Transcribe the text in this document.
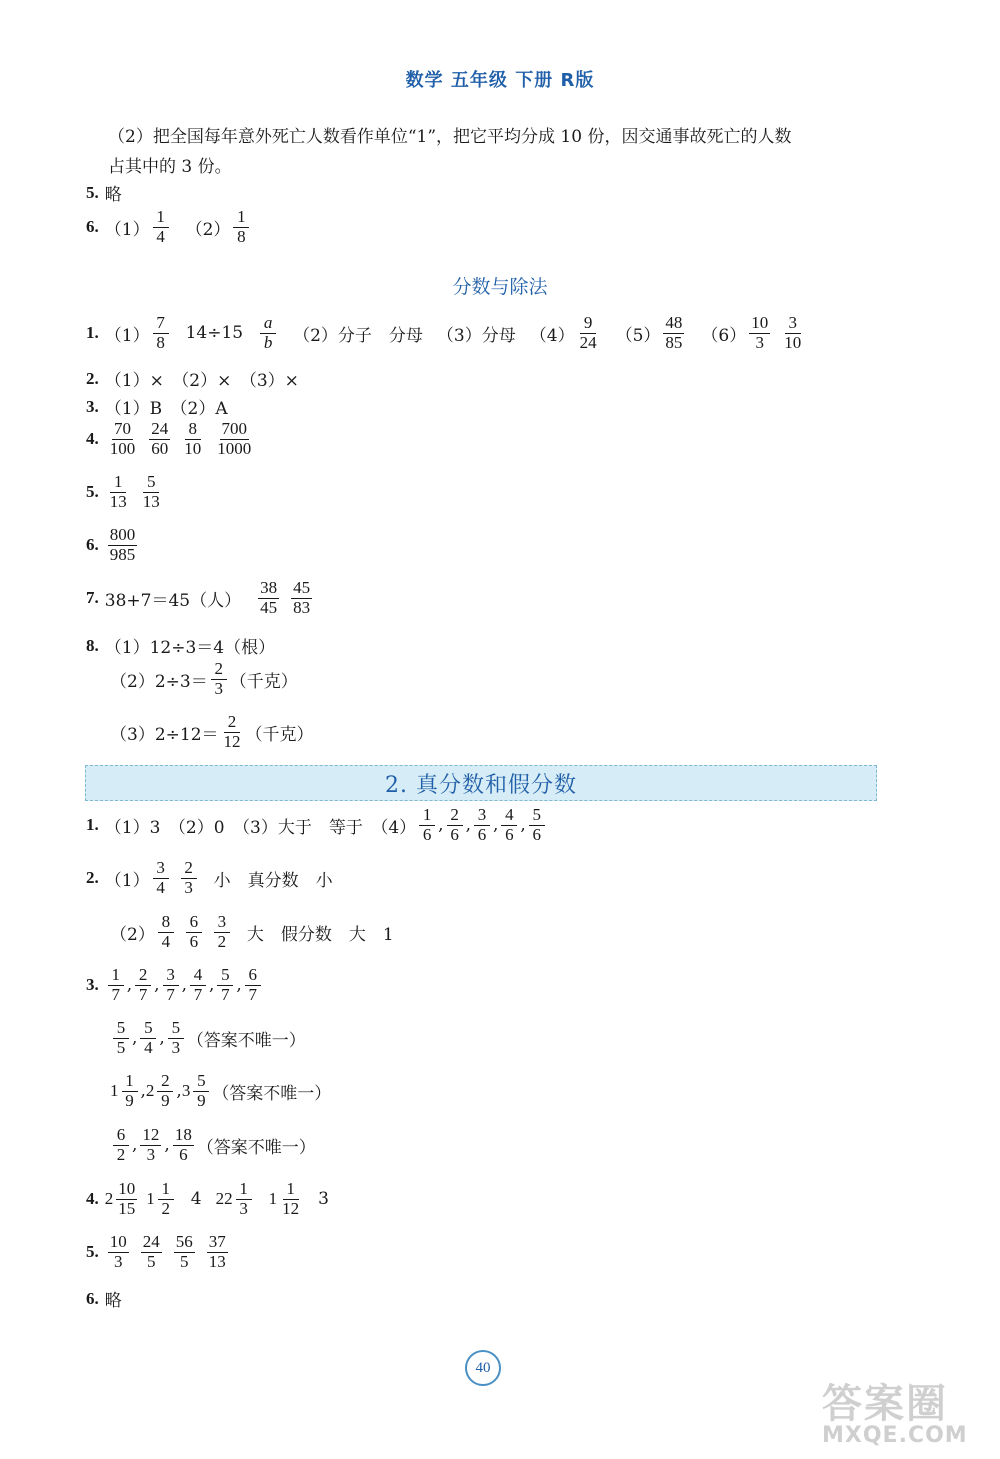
数学 五年级 下册 R版
（2）把全国每年意外死亡人数看作单位“1”，把它平均分成 10 份，因交通事故死亡的人数
占其中的 3 份。
5. 略
6. $(1) \frac{1}{4} (2) \frac{1}{8}$
分数与除法
1. $(1) \frac{7}{8} 14\div 15 \frac{a}{b} (2)$分子　分母 （3）分母 $(4) \frac{9}{24} (5) \frac{48}{85} (6) \frac{10}{3} \frac{3}{10}$
2. （1）×　（2）×　（3）×
3. （1）B　（2）A
4. $\frac{70}{100} \frac{24}{60} \frac{8}{10} \frac{700}{1000}$
5. $\frac{1}{13} \frac{5}{13}$
6. $\frac{800}{985}$
7. 38+7＝45（人） $\frac{38}{45} \frac{45}{83}$
8. （1）12÷3＝4（根）
$(2)2\div 3= \frac{2}{3}$ （千克）
$(3)2\div 12= \frac{2}{12}$ （千克）
2. 真分数和假分数
1. （1）3　（2）0　（3）大于　等于　$(4) \frac{1}{6}$ , $\frac{2}{6}$ , $\frac{3}{6}$ , $\frac{4}{6}$ , $\frac{5}{6}$
2. $(1) \frac{3}{4} \frac{2}{3}$ 小　真分数　小
$(2) \frac{8}{4} \frac{6}{6} \frac{3}{2}$ 大　假分数　大　1
3. $\frac{1}{7}$ , $\frac{2}{7}$ , $\frac{3}{7}$ , $\frac{4}{7}$ , $\frac{5}{7}$ , $\frac{6}{7}$
$\frac{5}{5}$ , $\frac{5}{4}$ , $\frac{5}{3}$ （答案不唯一）
$1 \frac{1}{9}$ , $2 \frac{2}{9}$ , $3 \frac{5}{9}$ （答案不唯一）
$\frac{6}{2}$ , $\frac{12}{3}$ , $\frac{18}{6}$ （答案不唯一）
4. $2 \frac{10}{15} 1 \frac{1}{2} 4$ $22 \frac{1}{3} 1 \frac{1}{12} 3$
5. $\frac{10}{3} \frac{24}{5} \frac{56}{5} \frac{37}{13}$
6. 略
40
答案圈
MXQE.COM
